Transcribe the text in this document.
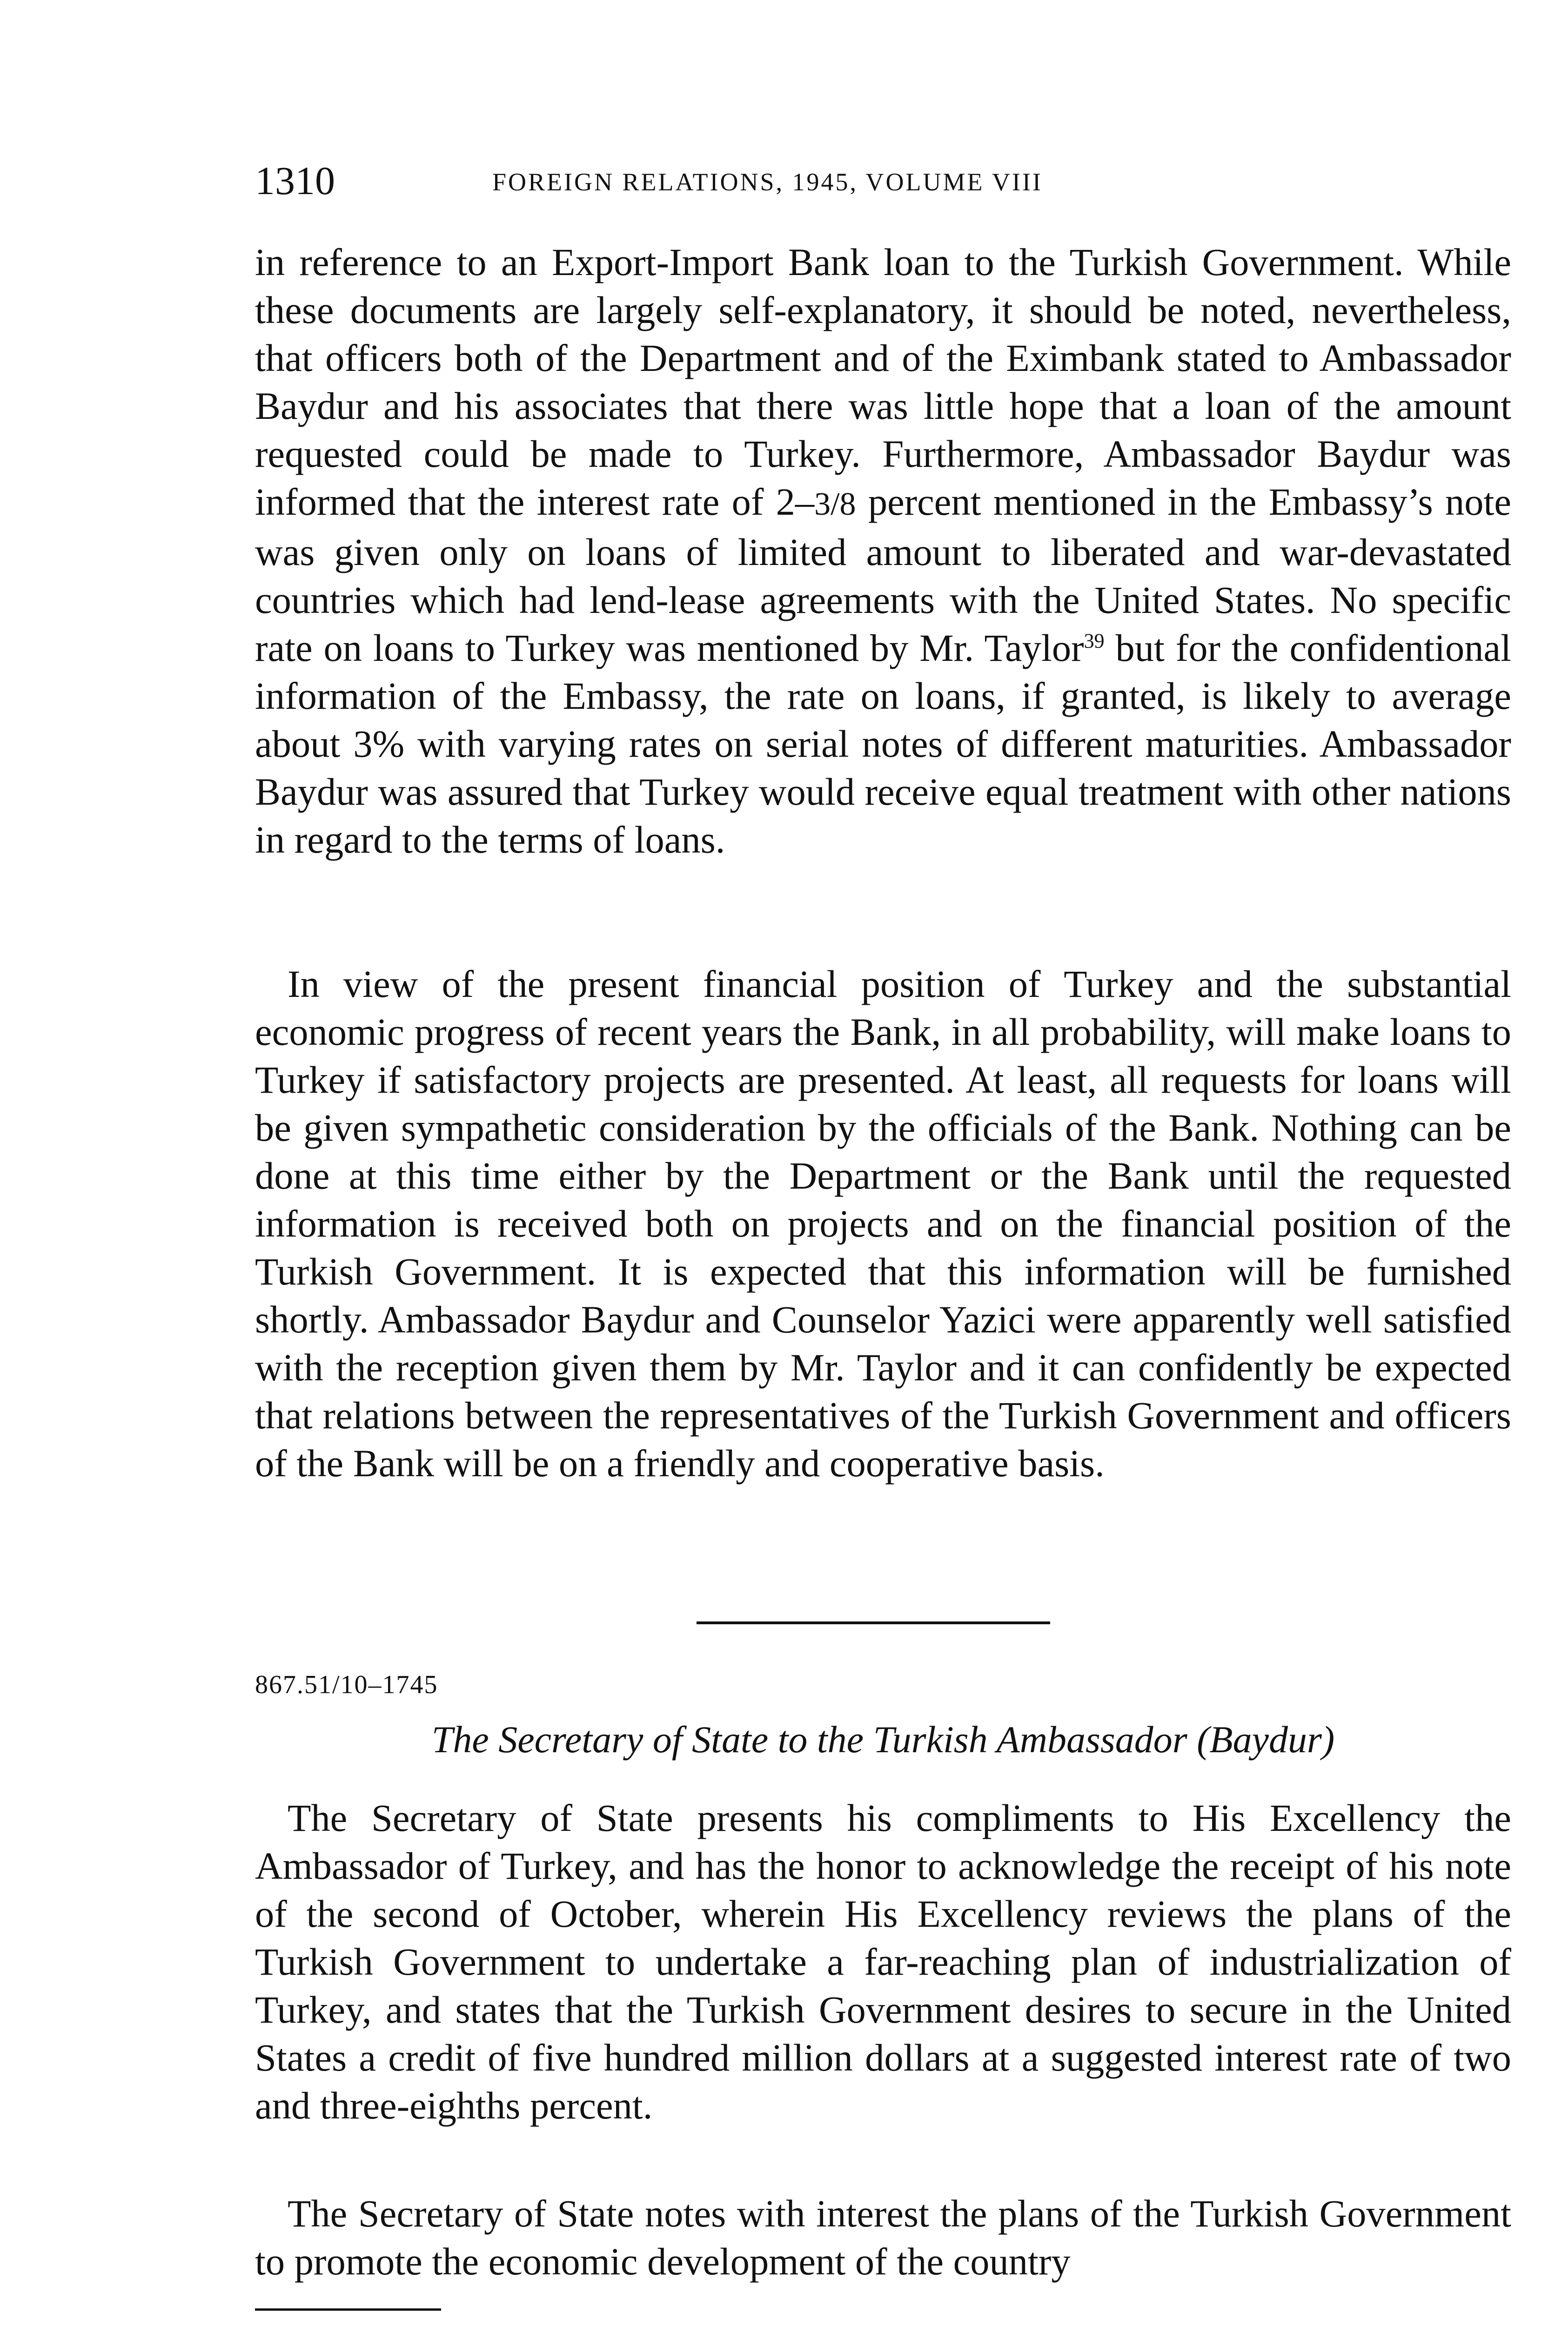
1310	FOREIGN RELATIONS, 1945, VOLUME VIII

in reference to an Export-Import Bank loan to the Turkish Government. While these documents are largely self-explanatory, it should be noted, nevertheless, that officers both of the Department and of the Eximbank stated to Ambassador Baydur and his associates that there was little hope that a loan of the amount requested could be made to Turkey. Furthermore, Ambassador Baydur was informed that the interest rate of 2–3/8 percent mentioned in the Embassy’s note was given only on loans of limited amount to liberated and war-devastated countries which had lend-lease agreements with the United States. No specific rate on loans to Turkey was mentioned by Mr. Taylor$^{39}$ but for the confidentional information of the Embassy, the rate on loans, if granted, is likely to average about 3% with varying rates on serial notes of different maturities. Ambassador Baydur was assured that Turkey would receive equal treatment with other nations in regard to the terms of loans.

In view of the present financial position of Turkey and the substantial economic progress of recent years the Bank, in all probability, will make loans to Turkey if satisfactory projects are presented. At least, all requests for loans will be given sympathetic consideration by the officials of the Bank. Nothing can be done at this time either by the Department or the Bank until the requested information is received both on projects and on the financial position of the Turkish Government. It is expected that this information will be furnished shortly. Ambassador Baydur and Counselor Yazici were apparently well satisfied with the reception given them by Mr. Taylor and it can confidently be expected that relations between the representatives of the Turkish Government and officers of the Bank will be on a friendly and cooperative basis.

867.51/10–1745
The Secretary of State to the Turkish Ambassador (Baydur)

The Secretary of State presents his compliments to His Excellency the Ambassador of Turkey, and has the honor to acknowledge the receipt of his note of the second of October, wherein His Excellency reviews the plans of the Turkish Government to undertake a far-reaching plan of industrialization of Turkey, and states that the Turkish Government desires to secure in the United States a credit of five hundred million dollars at a suggested interest rate of two and three-eighths percent.

The Secretary of State notes with interest the plans of the Turkish Government to promote the economic development of the country
